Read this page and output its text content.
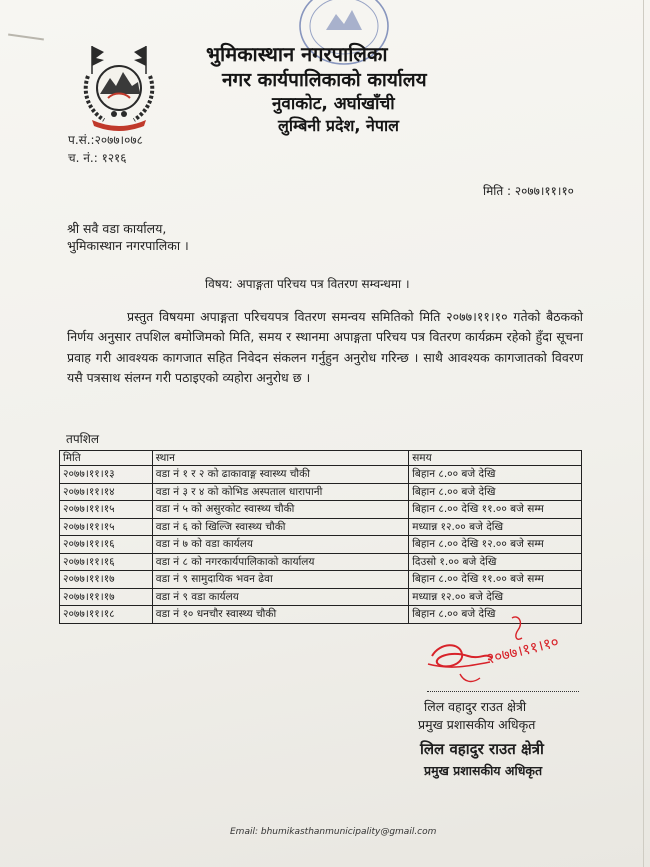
भुमिकास्थान नगरपालिका
नगर कार्यपालिकाको कार्यालय
नुवाकोट, अर्घाखाँची
लुम्बिनी प्रदेश, नेपाल
प.सं.:२०७७।०७८
च. नं.: १२१६
मिति : २०७७।११।१०
श्री सवै वडा कार्यालय,
भुमिकास्थान नगरपालिका ।
विषय: अपाङ्गता परिचय पत्र वितरण सम्वन्धमा ।
प्रस्तुत विषयमा अपाङ्गता परिचयपत्र वितरण समन्वय समितिको मिति २०७७।११।१० गतेको बैठकको निर्णय अनुसार तपशिल बमोजिमको मिति, समय र स्थानमा अपाङ्गता परिचय पत्र वितरण कार्यक्रम रहेको हुँदा सूचना प्रवाह गरी आवश्यक कागजात सहित निवेदन संकलन गर्नुहुन अनुरोध गरिन्छ । साथै आवश्यक कागजातको विवरण यसै पत्रसाथ संलग्न गरी पठाइएको व्यहोरा अनुरोध छ ।
तपशिल
मिति	स्थान	समय
२०७७।११।१३	वडा नं १ र २ को ढाकावाङ्ग स्वास्थ्य चौकी	बिहान ८.०० बजे देखि
२०७७।११।१४	वडा नं ३ र ४ को कोभिड अस्पताल धारापानी	बिहान ८.०० बजे देखि
२०७७।११।१५	वडा नं ५ को असुरकोट स्वास्थ्य चौकी	बिहान ८.०० देखि ११.०० बजे सम्म
२०७७।११।१५	वडा नं ६ को खिल्जि स्वास्थ्य चौकी	मध्यान्न १२.०० बजे देखि
२०७७।११।१६	वडा नं ७ को वडा कार्यलय	बिहान ८.०० देखि १२.०० बजे सम्म
२०७७।११।१६	वडा नं ८ को नगरकार्यपालिकाको कार्यालय	दिउसो १.०० बजे देखि
२०७७।११।१७	वडा नं ९ सामुदायिक भवन ढेवा	बिहान ८.०० देखि ११.०० बजे सम्म
२०७७।११।१७	वडा नं ९ वडा कार्यलय	मध्यान्न १२.०० बजे देखि
२०७७।११।१८	वडा नं १० धनचौर स्वास्थ्य चौकी	बिहान ८.०० बजे देखि
२०७७।११।१०
लिल वहादुर राउत क्षेत्री
प्रमुख प्रशासकीय अधिकृत
लिल वहादुर राउत क्षेत्री
प्रमुख प्रशासकीय अधिकृत
Email: bhumikasthanmunicipality@gmail.com
